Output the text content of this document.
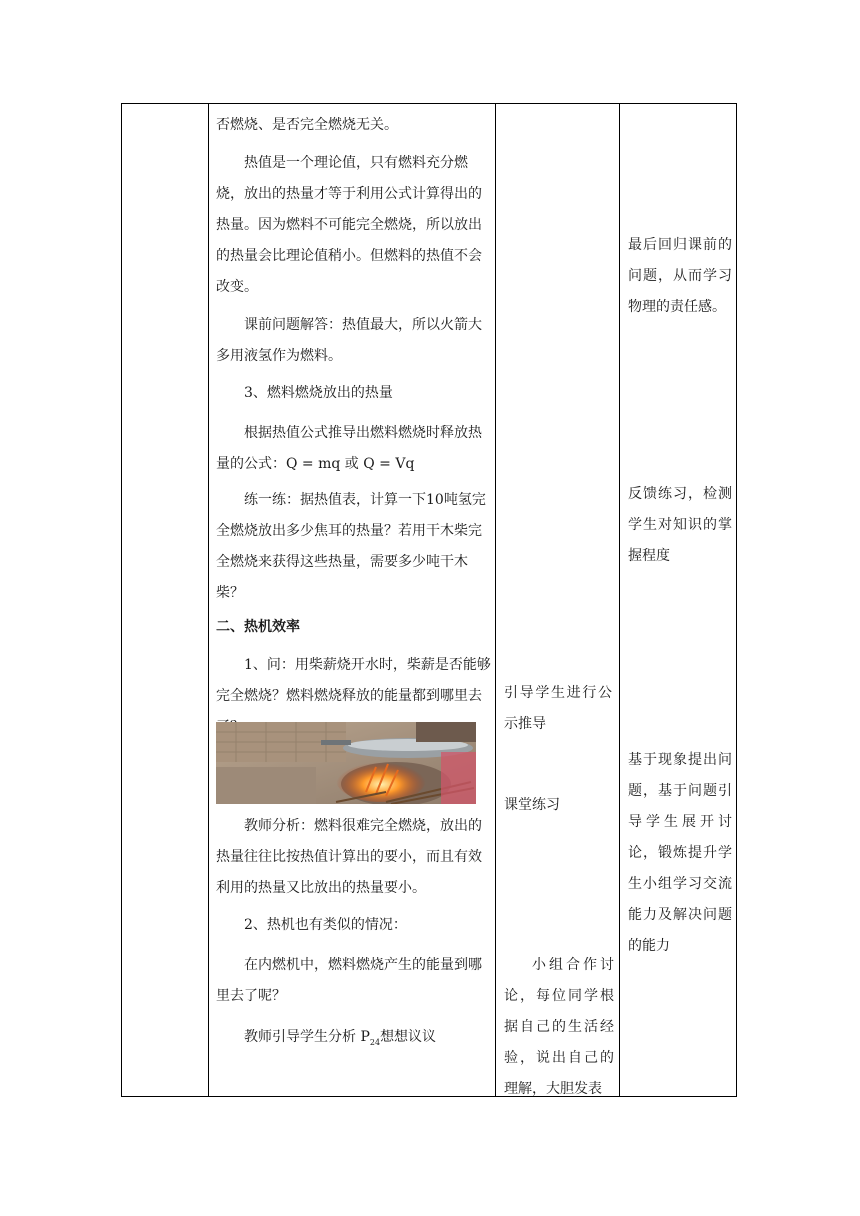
否燃烧、是否完全燃烧无关。

热值是一个理论值，只有燃料充分燃烧，放出的热量才等于利用公式计算得出的热量。因为燃料不可能完全燃烧，所以放出的热量会比理论值稍小。但燃料的热值不会改变。

课前问题解答：热值最大，所以火箭大多用液氢作为燃料。

3、燃料燃烧放出的热量

根据热值公式推导出燃料燃烧时释放热量的公式：Q = mq 或 Q = Vq

练一练：据热值表，计算一下10吨氢完全燃烧放出多少焦耳的热量？若用干木柴完全燃烧来获得这些热量，需要多少吨干木柴？

二、热机效率

1、问：用柴薪烧开水时，柴薪是否能够完全燃烧？燃料燃烧释放的能量都到哪里去

教师分析：燃料很难完全燃烧，放出的热量往往比按热值计算出的要小，而且有效利用的热量又比放出的热量要小。

2、热机也有类似的情况：

在内燃机中，燃料燃烧产生的能量到哪里去了呢？

教师引导学生分析 $P_{24}$想想议议

引导学生进行公示推导

课堂练习

小组合作讨论，每位同学根据自己的生活经验，说出自己的理解，大胆发表

最后回归课前的问题，从而学习物理的责任感。

反馈练习，检测学生对知识的掌握程度

基于现象提出问题，基于问题引导学生展开讨论，锻炼提升学生小组学习交流能力及解决问题的能力
